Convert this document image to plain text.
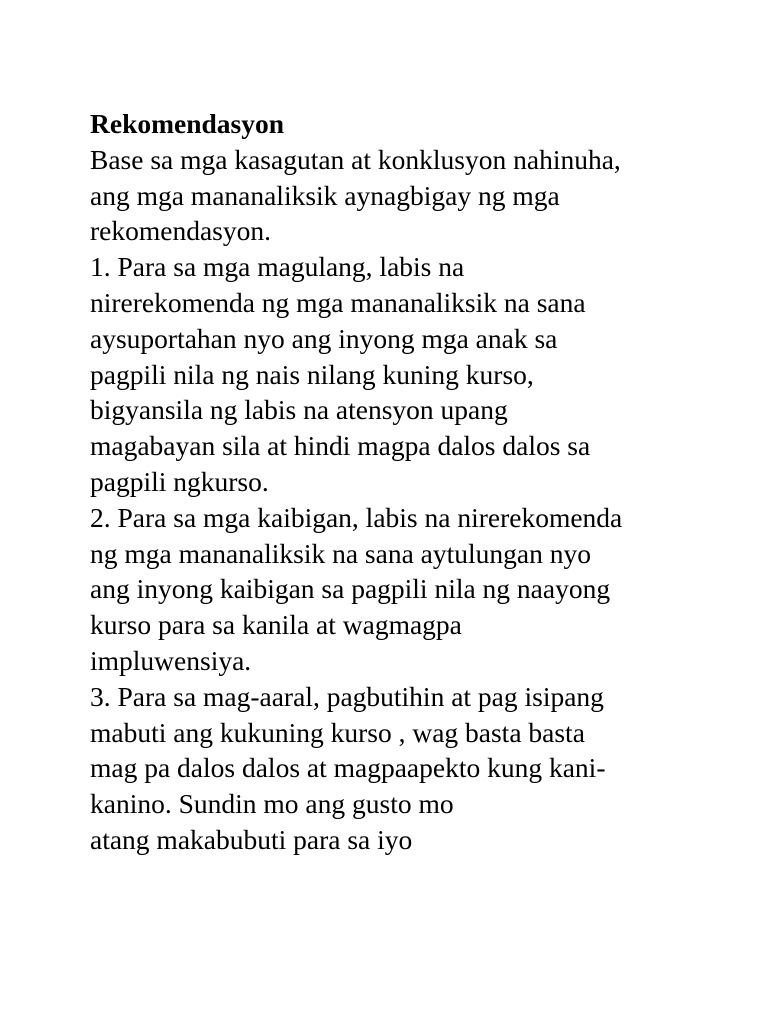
Rekomendasyon
Base sa mga kasagutan at konklusyon nahinuha,
ang mga mananaliksik aynagbigay ng mga
rekomendasyon.
1. Para sa mga magulang, labis na
nirerekomenda ng mga mananaliksik na sana
aysuportahan nyo ang inyong mga anak sa
pagpili nila ng nais nilang kuning kurso,
bigyansila ng labis na atensyon upang
magabayan sila at hindi magpa dalos dalos sa
pagpili ngkurso.
2. Para sa mga kaibigan, labis na nirerekomenda
ng mga mananaliksik na sana aytulungan nyo
ang inyong kaibigan sa pagpili nila ng naayong
kurso para sa kanila at wagmagpa
impluwensiya.
3. Para sa mag-aaral, pagbutihin at pag isipang
mabuti ang kukuning kurso , wag basta basta
mag pa dalos dalos at magpaapekto kung kani-
kanino. Sundin mo ang gusto mo
atang makabubuti para sa iyo
